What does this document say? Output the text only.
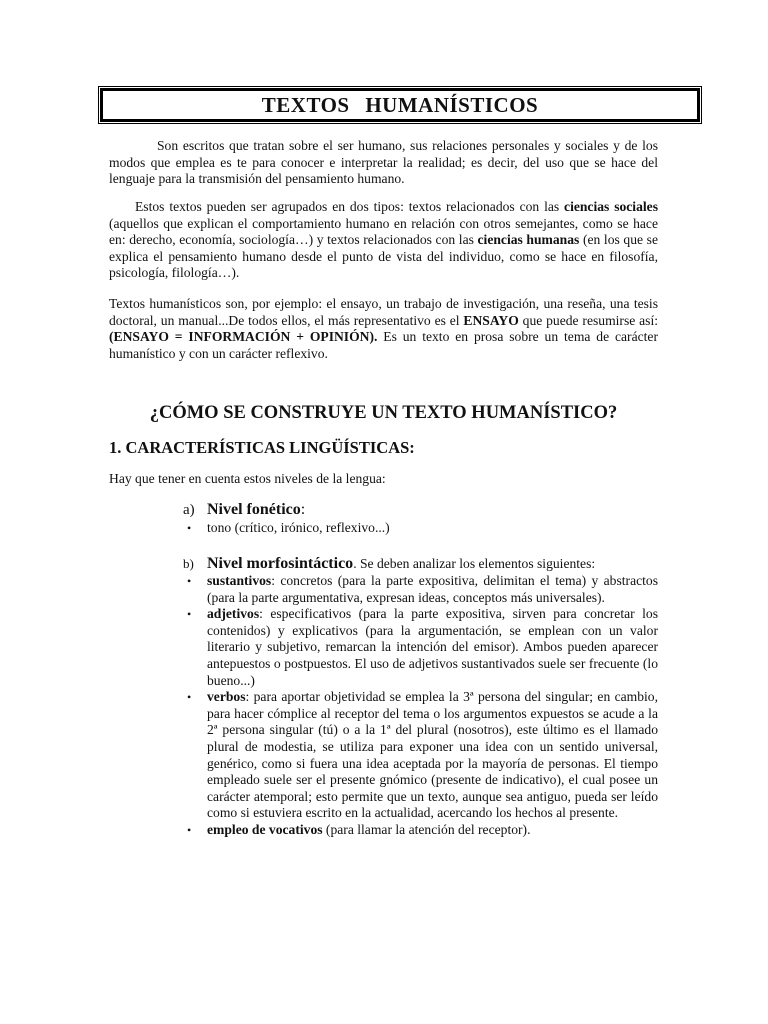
TEXTOS HUMANÍSTICOS

Son escritos que tratan sobre el ser humano, sus relaciones personales y sociales y de los modos que emplea es te para conocer e interpretar la realidad; es decir, del uso que se hace del lenguaje para la transmisión del pensamiento humano.

Estos textos pueden ser agrupados en dos tipos: textos relacionados con las ciencias sociales (aquellos que explican el comportamiento humano en relación con otros semejantes, como se hace en: derecho, economía, sociología…) y textos relacionados con las ciencias humanas (en los que se explica el pensamiento humano desde el punto de vista del individuo, como se hace en filosofía, psicología, filología…).

Textos humanísticos son, por ejemplo: el ensayo, un trabajo de investigación, una reseña, una tesis doctoral, un manual...De todos ellos, el más representativo es el ENSAYO que puede resumirse así: (ENSAYO = INFORMACIÓN + OPINIÓN). Es un texto en prosa sobre un tema de carácter humanístico y con un carácter reflexivo.

¿CÓMO SE CONSTRUYE UN TEXTO HUMANÍSTICO?

1. CARACTERÍSTICAS LINGÜÍSTICAS:

Hay que tener en cuenta estos niveles de la lengua:

a) Nivel fonético:

• tono (crítico, irónico, reflexivo...)

b) Nivel morfosintáctico. Se deben analizar los elementos siguientes:

• sustantivos: concretos (para la parte expositiva, delimitan el tema) y abstractos (para la parte argumentativa, expresan ideas, conceptos más universales).
• adjetivos: especificativos (para la parte expositiva, sirven para concretar los contenidos) y explicativos (para la argumentación, se emplean con un valor literario y subjetivo, remarcan la intención del emisor). Ambos pueden aparecer antepuestos o postpuestos. El uso de adjetivos sustantivados suele ser frecuente (lo bueno...)
• verbos: para aportar objetividad se emplea la 3ª persona del singular; en cambio, para hacer cómplice al receptor del tema o los argumentos expuestos se acude a la 2ª persona singular (tú) o a la 1ª del plural (nosotros), este último es el llamado plural de modestia, se utiliza para exponer una idea con un sentido universal, genérico, como si fuera una idea aceptada por la mayoría de personas. El tiempo empleado suele ser el presente gnómico (presente de indicativo), el cual posee un carácter atemporal; esto permite que un texto, aunque sea antiguo, pueda ser leído como si estuviera escrito en la actualidad, acercando los hechos al presente.
• empleo de vocativos (para llamar la atención del receptor).
